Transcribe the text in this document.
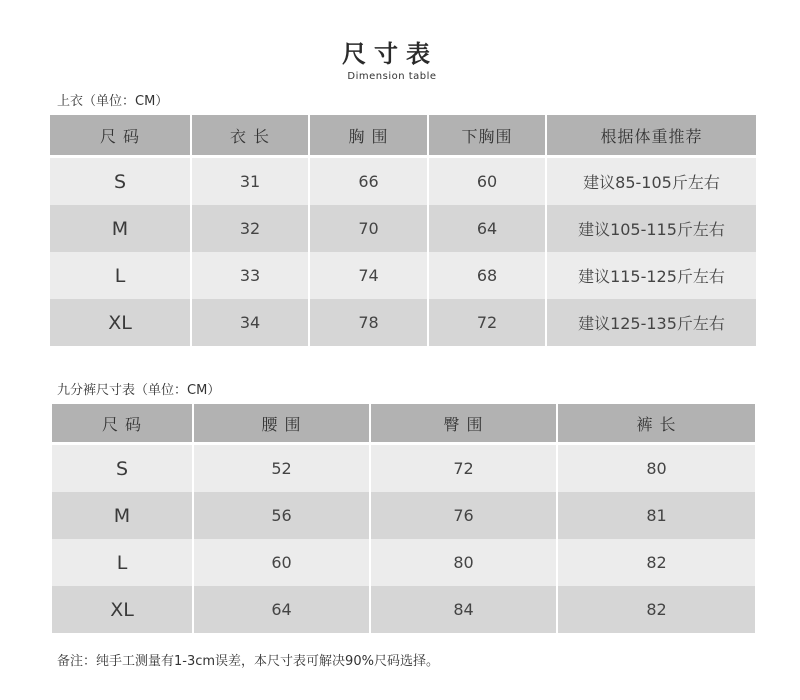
尺寸表
Dimension table
上衣（单位：CM）
尺 码	衣 长	胸 围	下胸围	根据体重推荐
S	31	66	60	建议85-105斤左右
M	32	70	64	建议105-115斤左右
L	33	74	68	建议115-125斤左右
XL	34	78	72	建议125-135斤左右
九分裤尺寸表（单位：CM）
尺 码	腰 围	臀 围	裤 长
S	52	72	80
M	56	76	81
L	60	80	82
XL	64	84	82
备注：纯手工测量有1-3cm误差，本尺寸表可解决90%尺码选择。
